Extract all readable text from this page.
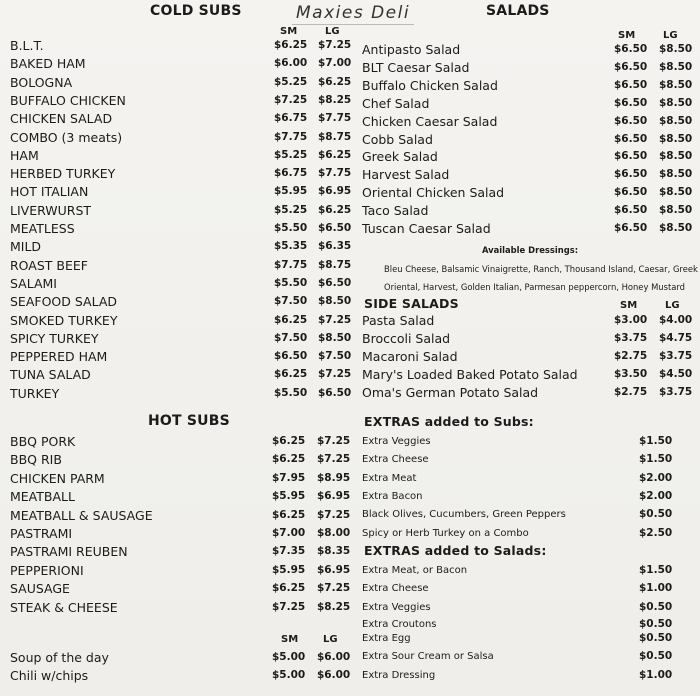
Maxies Deli
COLD SUBS
SM	LG
B.L.T.	$6.25 $7.25
BAKED HAM	$6.00 $7.00
BOLOGNA	$5.25 $6.25
BUFFALO CHICKEN	$7.25 $8.25
CHICKEN SALAD	$6.75 $7.75
COMBO (3 meats)	$7.75 $8.75
HAM	$5.25 $6.25
HERBED TURKEY	$6.75 $7.75
HOT ITALIAN	$5.95 $6.95
LIVERWURST	$5.25 $6.25
MEATLESS	$5.50 $6.50
MILD	$5.35 $6.35
ROAST BEEF	$7.75 $8.75
SALAMI	$5.50 $6.50
SEAFOOD SALAD	$7.50 $8.50
SMOKED TURKEY	$6.25 $7.25
SPICY TURKEY	$7.50 $8.50
PEPPERED HAM	$6.50 $7.50
TUNA SALAD	$6.25 $7.25
TURKEY	$5.50 $6.50
HOT SUBS
BBQ PORK	$6.25 $7.25
BBQ RIB	$6.25 $7.25
CHICKEN PARM	$7.95 $8.95
MEATBALL	$5.95 $6.95
MEATBALL & SAUSAGE	$6.25 $7.25
PASTRAMI	$7.00 $8.00
PASTRAMI REUBEN	$7.35 $8.35
PEPPERIONI	$5.95 $6.95
SAUSAGE	$6.25 $7.25
STEAK & CHEESE	$7.25 $8.25
SM LG
Soup of the day	$5.00 $6.00
Chili w/chips	$5.00 $6.00
SALADS
SM	LG
Antipasto Salad	$6.50 $8.50
BLT Caesar Salad	$6.50 $8.50
Buffalo Chicken Salad	$6.50 $8.50
Chef Salad	$6.50 $8.50
Chicken Caesar Salad	$6.50 $8.50
Cobb Salad	$6.50 $8.50
Greek Salad	$6.50 $8.50
Harvest Salad	$6.50 $8.50
Oriental Chicken Salad	$6.50 $8.50
Taco Salad	$6.50 $8.50
Tuscan Caesar Salad	$6.50 $8.50
Available Dressings:
Bleu Cheese, Balsamic Vinaigrette, Ranch, Thousand Island, Caesar, Greek
Oriental, Harvest, Golden Italian, Parmesan peppercorn, Honey Mustard
SIDE SALADS	SM	LG
Pasta Salad	$3.00 $4.00
Broccoli Salad	$3.75 $4.75
Macaroni Salad	$2.75 $3.75
Mary's Loaded Baked Potato Salad	$3.50 $4.50
Oma's German Potato Salad	$2.75 $3.75
EXTRAS added to Subs:
Extra Veggies	$1.50
Extra Cheese	$1.50
Extra Meat	$2.00
Extra Bacon	$2.00
Black Olives, Cucumbers, Green Peppers	$0.50
Spicy or Herb Turkey on a Combo	$2.50
EXTRAS added to Salads:
Extra Meat, or Bacon	$1.50
Extra Cheese	$1.00
Extra Veggies	$0.50
Extra Croutons	$0.50
Extra Egg	$0.50
Extra Sour Cream or Salsa	$0.50
Extra Dressing	$1.00
